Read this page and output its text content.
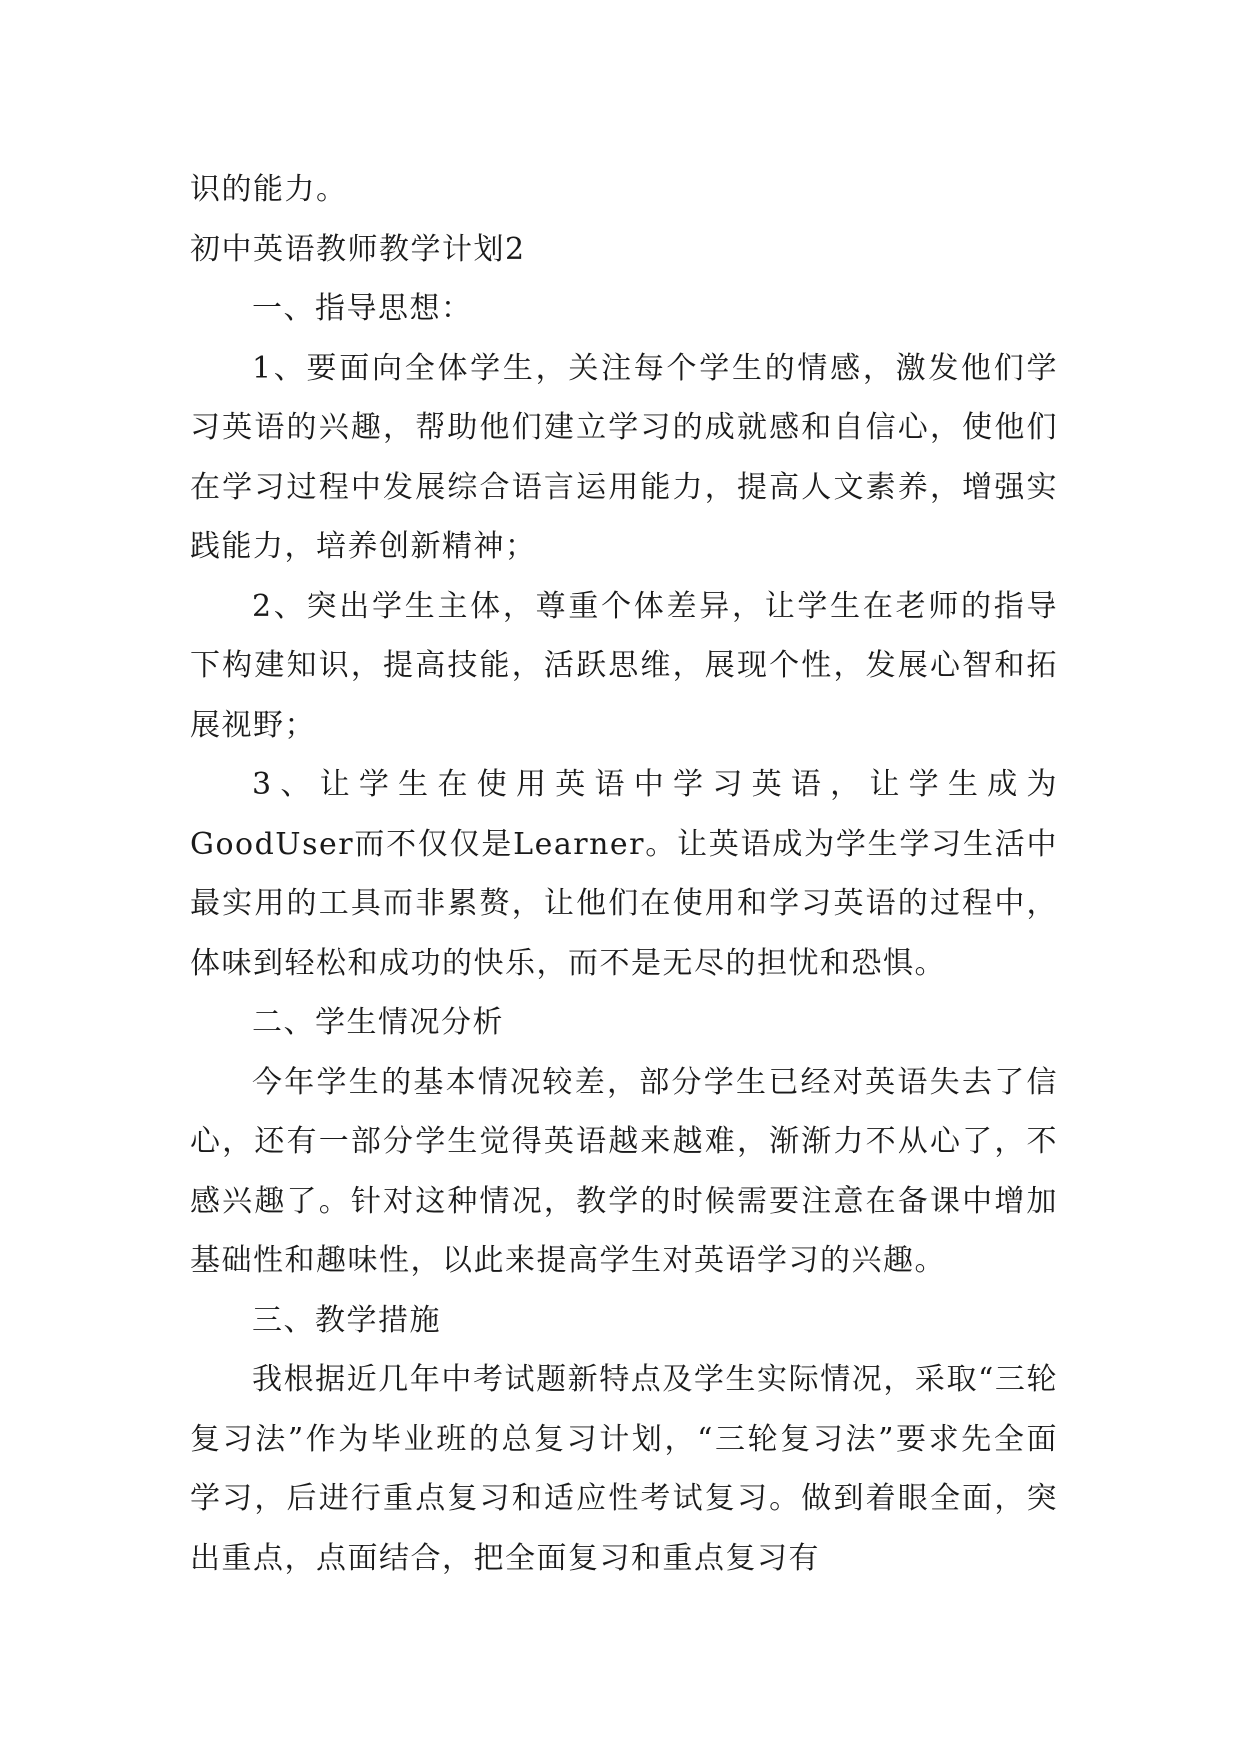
识的能力。

初中英语教师教学计划2

一、指导思想：

1、要面向全体学生，关注每个学生的情感，激发他们学习英语的兴趣，帮助他们建立学习的成就感和自信心，使他们在学习过程中发展综合语言运用能力，提高人文素养，增强实践能力，培养创新精神；

2、突出学生主体，尊重个体差异，让学生在老师的指导下构建知识，提高技能，活跃思维，展现个性，发展心智和拓展视野；

3、让学生在使用英语中学习英语，让学生成为GoodUser而不仅仅是Learner。让英语成为学生学习生活中最实用的工具而非累赘，让他们在使用和学习英语的过程中，体味到轻松和成功的快乐，而不是无尽的担忧和恐惧。

二、学生情况分析

今年学生的基本情况较差，部分学生已经对英语失去了信心，还有一部分学生觉得英语越来越难，渐渐力不从心了，不感兴趣了。针对这种情况，教学的时候需要注意在备课中增加基础性和趣味性，以此来提高学生对英语学习的兴趣。

三、教学措施

我根据近几年中考试题新特点及学生实际情况，采取“三轮复习法”作为毕业班的总复习计划，“三轮复习法”要求先全面学习，后进行重点复习和适应性考试复习。做到着眼全面，突出重点，点面结合，把全面复习和重点复习有
